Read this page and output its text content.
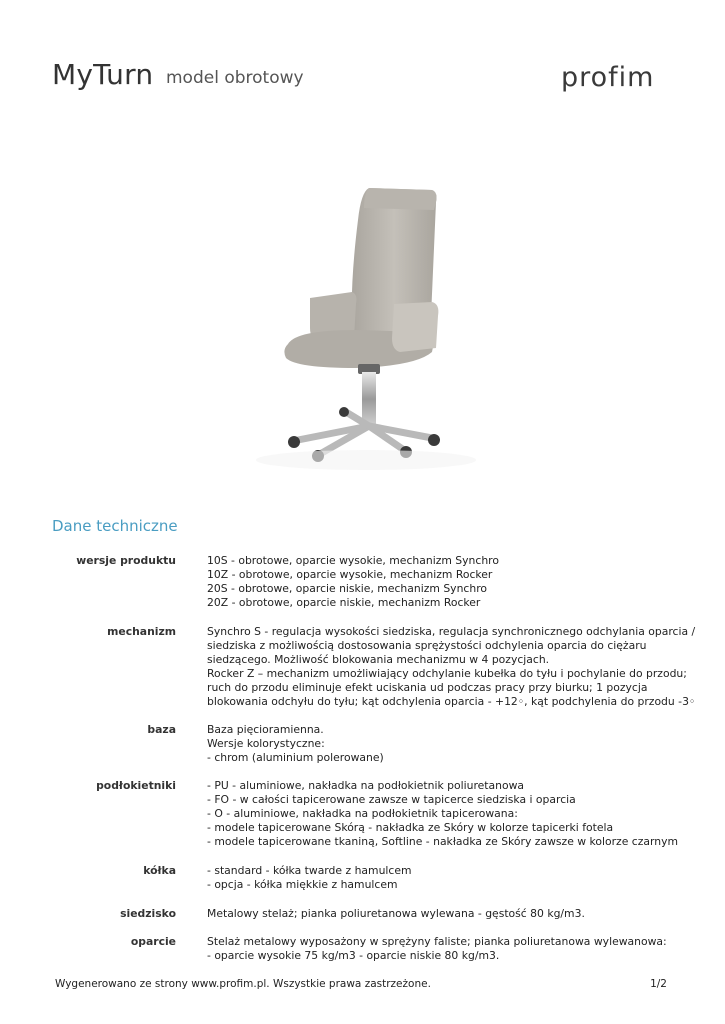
MyTurn model obrotowy	profim
Dane techniczne
wersje produktu	10S - obrotowe, oparcie wysokie, mechanizm Synchro
10Z - obrotowe, oparcie wysokie, mechanizm Rocker
20S - obrotowe, oparcie niskie, mechanizm Synchro
20Z - obrotowe, oparcie niskie, mechanizm Rocker
mechanizm	Synchro S - regulacja wysokości siedziska, regulacja synchronicznego odchylania oparcia /
siedziska z możliwością dostosowania sprężystości odchylenia oparcia do ciężaru
siedzącego. Możliwość blokowania mechanizmu w 4 pozycjach.
Rocker Z – mechanizm umożliwiający odchylanie kubełka do tyłu i pochylanie do przodu;
ruch do przodu eliminuje efekt uciskania ud podczas pracy przy biurku; 1 pozycja
blokowania odchyłu do tyłu; kąt odchylenia oparcia - +12◦, kąt podchylenia do przodu -3◦
baza	Baza pięcioramienna.
Wersje kolorystyczne:
- chrom (aluminium polerowane)
podłokietniki	- PU - aluminiowe, nakładka na podłokietnik poliuretanowa
- FO - w całości tapicerowane zawsze w tapicerce siedziska i oparcia
- O - aluminiowe, nakładka na podłokietnik tapicerowana:
- modele tapicerowane Skórą - nakładka ze Skóry w kolorze tapicerki fotela
- modele tapicerowane tkaniną, Softline - nakładka ze Skóry zawsze w kolorze czarnym
kółka	- standard - kółka twarde z hamulcem
- opcja - kółka miękkie z hamulcem
siedzisko	Metalowy stelaż; pianka poliuretanowa wylewana - gęstość 80 kg/m3.
oparcie	Stelaż metalowy wyposażony w sprężyny faliste; pianka poliuretanowa wylewanowa:
- oparcie wysokie 75 kg/m3 - oparcie niskie 80 kg/m3.
Wygenerowano ze strony www.profim.pl. Wszystkie prawa zastrzeżone.	1/2
